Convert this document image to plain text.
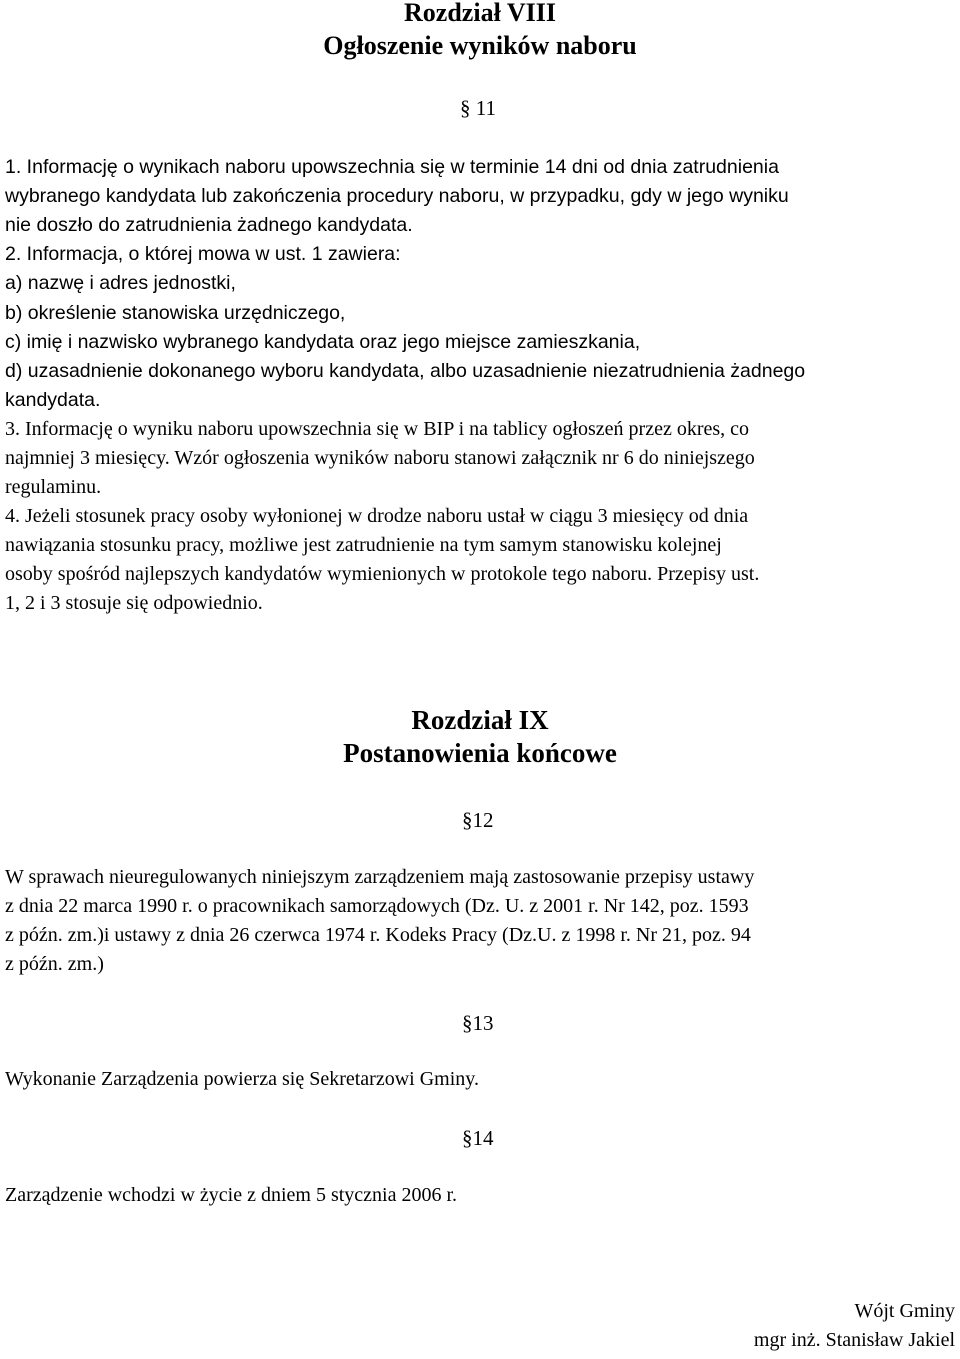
Rozdział VIII
Ogłoszenie wyników naboru
§ 11
1. Informację o wynikach naboru upowszechnia się w terminie 14 dni od dnia zatrudnienia
wybranego kandydata lub zakończenia procedury naboru, w przypadku, gdy w jego wyniku
nie doszło do zatrudnienia żadnego kandydata.
2. Informacja, o której mowa w ust. 1 zawiera:
a) nazwę i adres jednostki,
b) określenie stanowiska urzędniczego,
c) imię i nazwisko wybranego kandydata oraz jego miejsce zamieszkania,
d) uzasadnienie dokonanego wyboru kandydata, albo uzasadnienie niezatrudnienia żadnego
kandydata.
3. Informację o wyniku naboru upowszechnia się w BIP i na tablicy ogłoszeń przez okres, co
najmniej 3 miesięcy. Wzór ogłoszenia wyników naboru stanowi załącznik nr 6 do niniejszego
regulaminu.
4. Jeżeli stosunek pracy osoby wyłonionej w drodze naboru ustał w ciągu 3 miesięcy od dnia
nawiązania stosunku pracy, możliwe jest zatrudnienie na tym samym stanowisku kolejnej
osoby spośród najlepszych kandydatów wymienionych w protokole tego naboru. Przepisy ust.
1, 2 i 3 stosuje się odpowiednio.
Rozdział IX
Postanowienia końcowe
§12
W sprawach nieuregulowanych niniejszym zarządzeniem mają zastosowanie przepisy ustawy
z dnia 22 marca 1990 r. o pracownikach samorządowych (Dz. U. z 2001 r. Nr 142, poz. 1593
z późn. zm.)i ustawy z dnia 26 czerwca 1974 r. Kodeks Pracy (Dz.U. z 1998 r. Nr 21, poz. 94
z późn. zm.)
§13
Wykonanie Zarządzenia powierza się Sekretarzowi Gminy.
§14
Zarządzenie wchodzi w życie z dniem 5 stycznia 2006 r.
Wójt Gminy
mgr inż. Stanisław Jakiel
